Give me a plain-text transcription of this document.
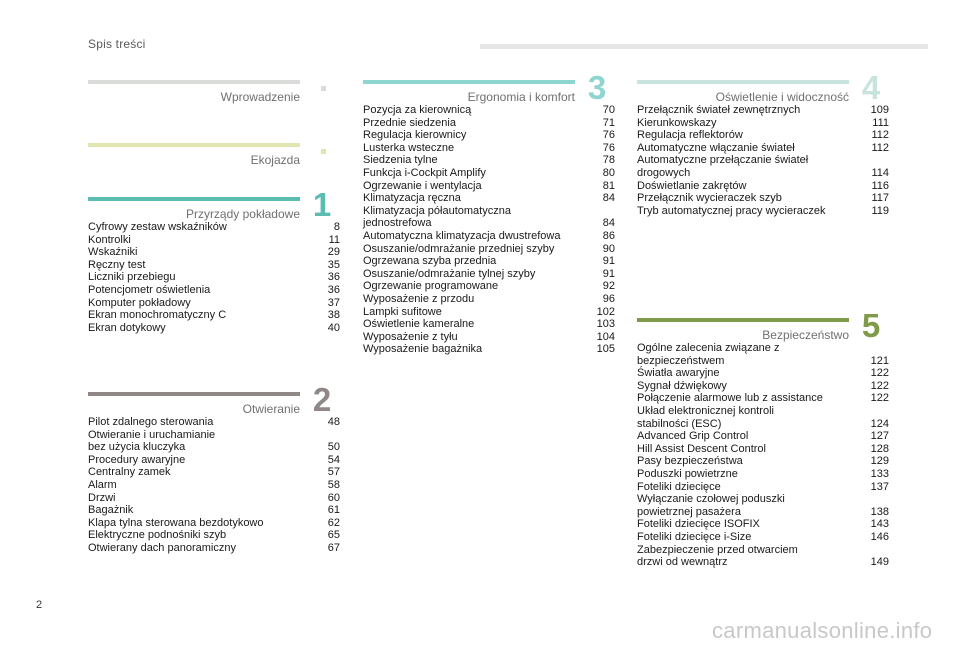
Spis treści
Wprowadzenie
Ekojazda
Przyrządy pokładowe 1
Cyfrowy zestaw wskaźników	8
Kontrolki	11
Wskaźniki	29
Ręczny test	35
Liczniki przebiegu	36
Potencjometr oświetlenia	36
Komputer pokładowy	37
Ekran monochromatyczny C	38
Ekran dotykowy	40
Otwieranie 2
Pilot zdalnego sterowania	48
Otwieranie i uruchamianie
bez użycia kluczyka	50
Procedury awaryjne	54
Centralny zamek	57
Alarm	58
Drzwi	60
Bagażnik	61
Klapa tylna sterowana bezdotykowo	62
Elektryczne podnośniki szyb	65
Otwierany dach panoramiczny	67
Ergonomia i komfort 3
Pozycja za kierownicą	70
Przednie siedzenia	71
Regulacja kierownicy	76
Lusterka wsteczne	76
Siedzenia tylne	78
Funkcja i-Cockpit Amplify	80
Ogrzewanie i wentylacja	81
Klimatyzacja ręczna	84
Klimatyzacja półautomatyczna
jednostrefowa	84
Automatyczna klimatyzacja dwustrefowa	86
Osuszanie/odmrażanie przedniej szyby	90
Ogrzewana szyba przednia	91
Osuszanie/odmrażanie tylnej szyby	91
Ogrzewanie programowane	92
Wyposażenie z przodu	96
Lampki sufitowe	102
Oświetlenie kameralne	103
Wyposażenie z tyłu	104
Wyposażenie bagażnika	105
Oświetlenie i widoczność 4
Przełącznik świateł zewnętrznych	109
Kierunkowskazy	111
Regulacja reflektorów	112
Automatyczne włączanie świateł	112
Automatyczne przełączanie świateł
drogowych	114
Doświetlanie zakrętów	116
Przełącznik wycieraczek szyb	117
Tryb automatycznej pracy wycieraczek	119
Bezpieczeństwo 5
Ogólne zalecenia związane z
bezpieczeństwem	121
Światła awaryjne	122
Sygnał dźwiękowy	122
Połączenie alarmowe lub z assistance	122
Układ elektronicznej kontroli
stabilności (ESC)	124
Advanced Grip Control	127
Hill Assist Descent Control	128
Pasy bezpieczeństwa	129
Poduszki powietrzne	133
Foteliki dziecięce	137
Wyłączanie czołowej poduszki
powietrznej pasażera	138
Foteliki dziecięce ISOFIX	143
Foteliki dziecięce i-Size	146
Zabezpieczenie przed otwarciem
drzwi od wewnątrz	149
2
carmanualsonline.info
